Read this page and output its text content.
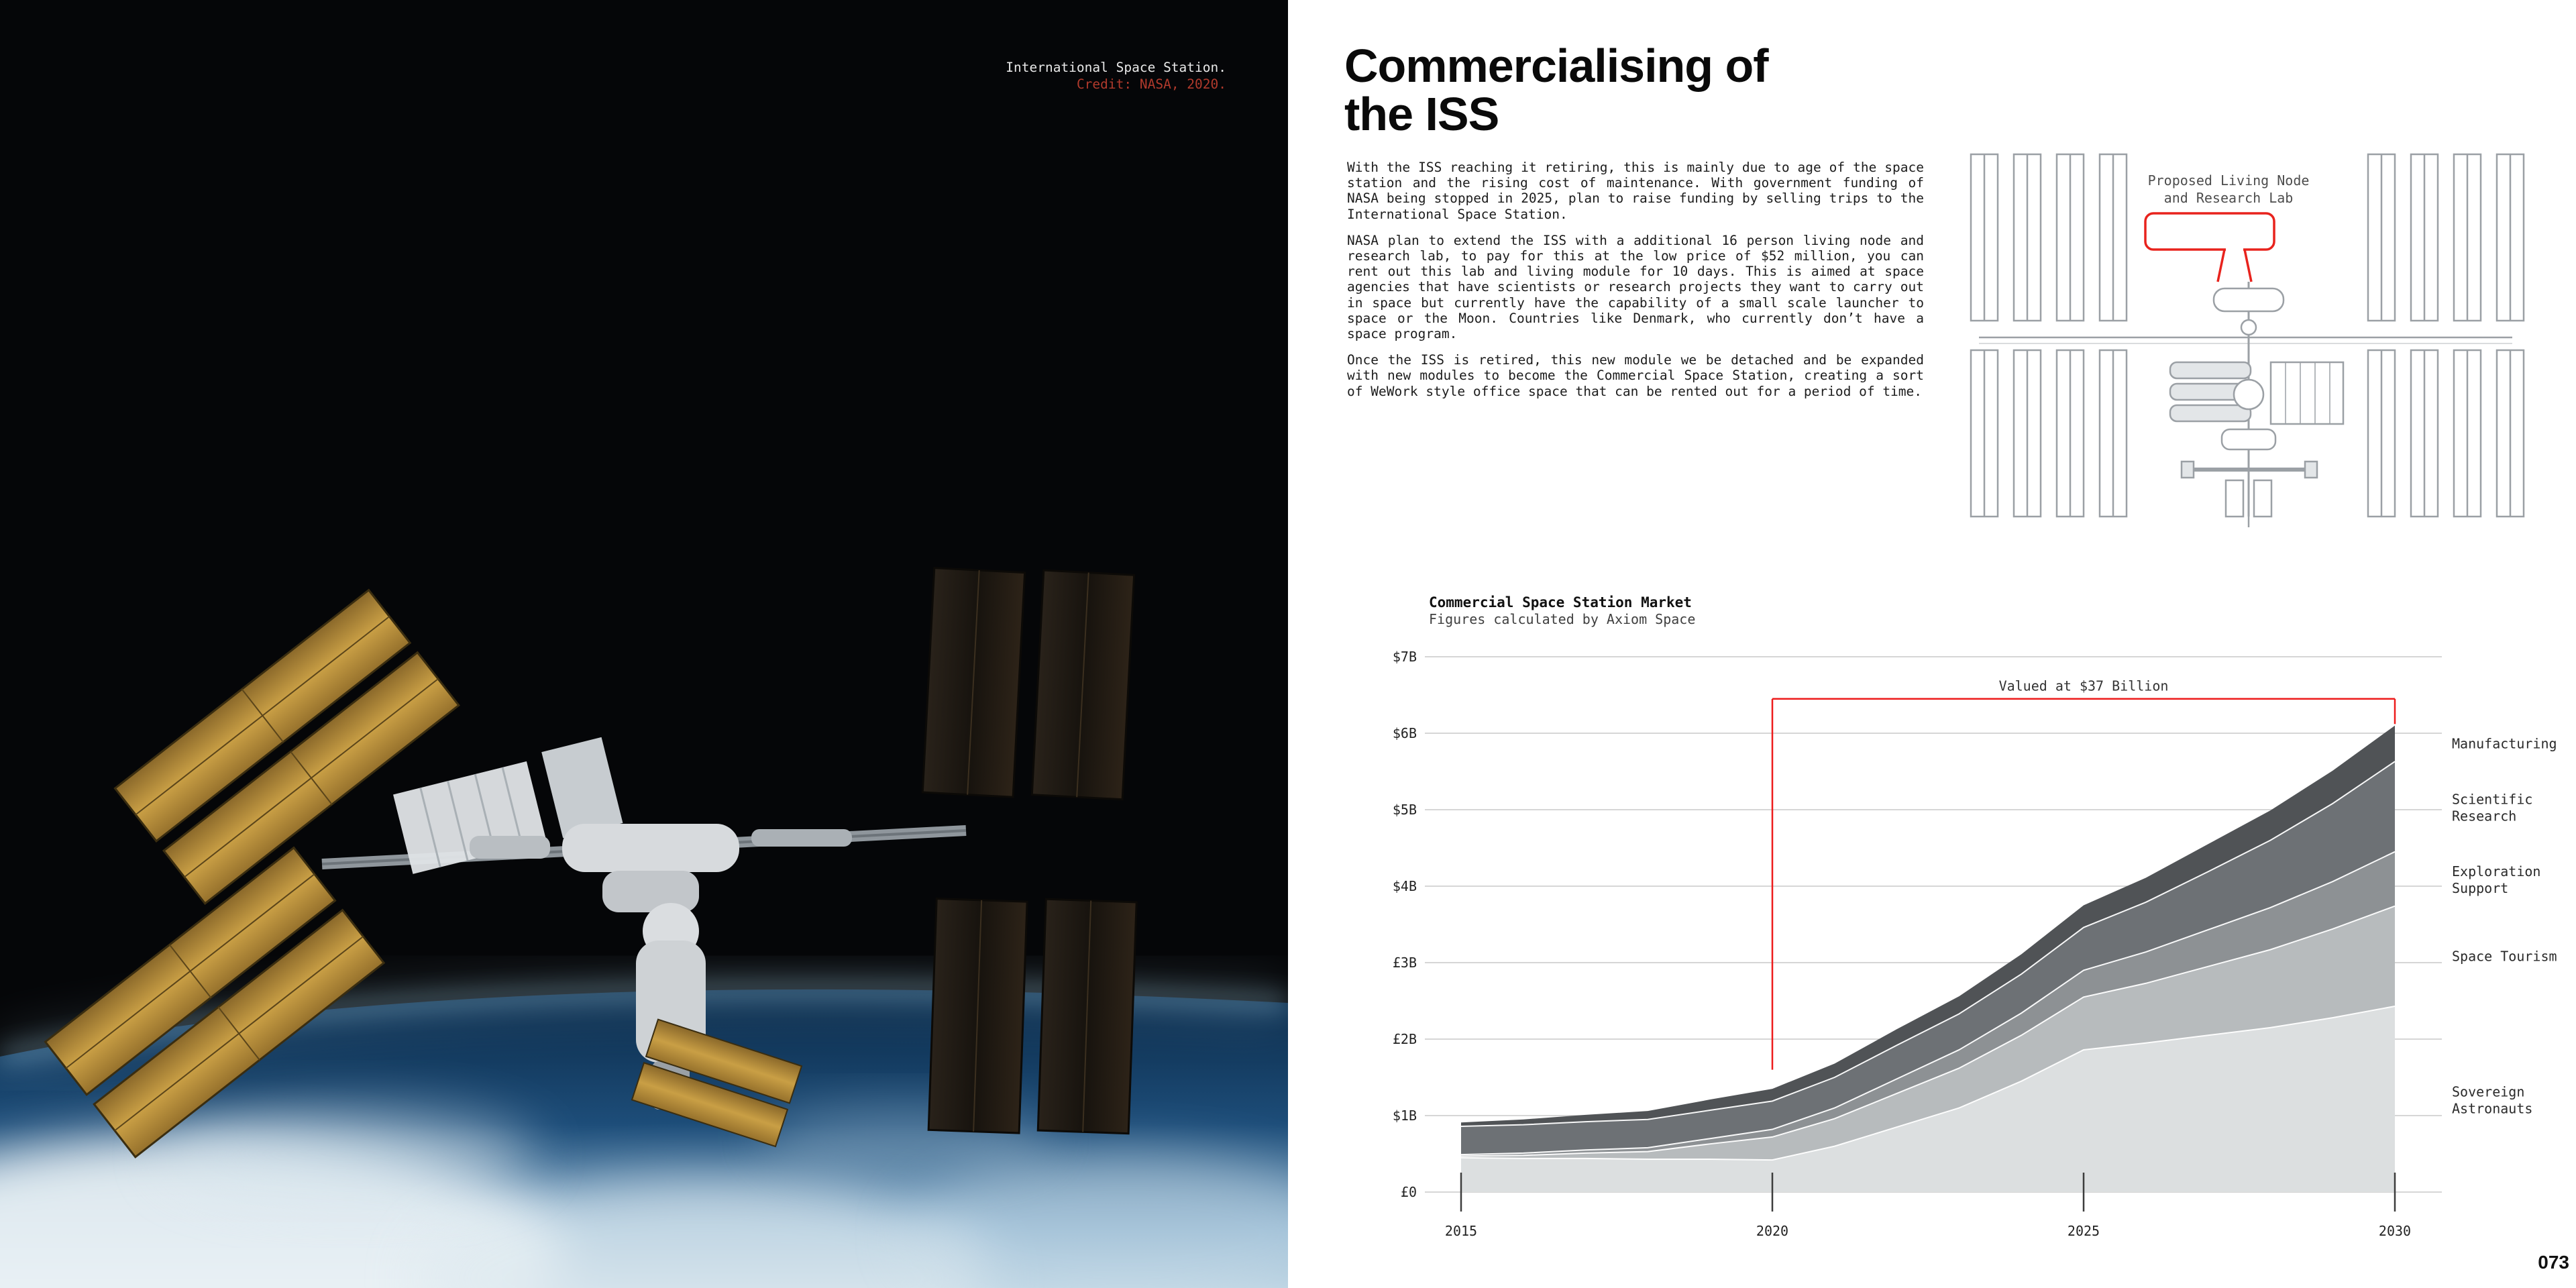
International Space Station.
Credit: NASA, 2020.	Commercialising of
the ISS

With the ISS reaching it retiring, this is mainly due to age of the space station and the rising cost of maintenance. With government funding of NASA being stopped in 2025, plan to raise funding by selling trips to the International Space Station.

NASA plan to extend the ISS with a additional 16 person living node and research lab, to pay for this at the low price of $52 million, you can rent out this lab and living module for 10 days. This is aimed at space agencies that have scientists or research projects they want to carry out in space but currently have the capability of a small scale launcher to space or the Moon. Countries like Denmark, who currently don’t have a space program.

Once the ISS is retired, this new module we be detached and be expanded with new modules to become the Commercial Space Station, creating a sort of WeWork style office space that can be rented out for a period of time.

Proposed Living Node
and Research Lab
Commercial Space Station Market
Figures calculated by Axiom Space
$7B
$6B
$5B
$4B
£3B
£2B
$1B
£0
2015	2020	2025	2030
Valued at $37 Billion
Manufacturing
Scientific Research
Exploration Support
Space Tourism
Sovereign Astronauts
073
